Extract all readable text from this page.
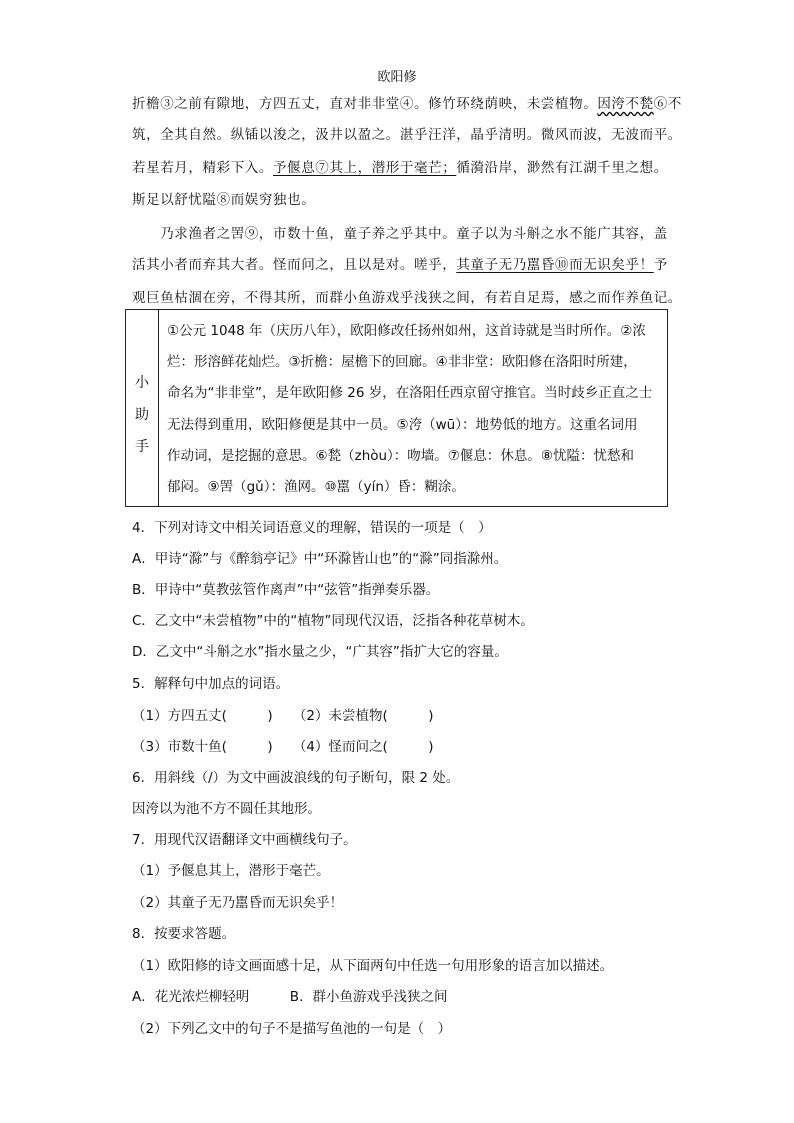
欧阳修
折檐③之前有隙地，方四五丈，直对非非堂④。修竹环绕荫映，未尝植物。因洿不甃⑥不
筑，全其自然。纵锸以浚之，汲井以盈之。湛乎汪洋，晶乎清明。微风而波，无波而平。
若星若月，精彩下入。予偃息⑦其上，潜形于毫芒；循漪沿岸，渺然有江湖千里之想。
斯足以舒忧隘⑧而娱穷独也。
　　乃求渔者之罟⑨，市数十鱼，童子养之乎其中。童子以为斗斛之水不能广其容，盖
活其小者而弃其大者。怪而问之，且以是对。嗟乎，其童子无乃嚚昏⑩而无识矣乎！予
观巨鱼枯涸在旁，不得其所，而群小鱼游戏乎浅狭之间，有若自足焉，感之而作养鱼记。
小
助
手
①公元 1048 年（庆历八年），欧阳修改任扬州如州，这首诗就是当时所作。②浓
烂：形溶鲜花灿烂。③折檐：屋檐下的回廊。④非非堂：欧阳修在洛阳时所建，
命名为“非非堂”，是年欧阳修 26 岁，在洛阳任西京留守推官。当时歧乡正直之士
无法得到重用，欧阳修便是其中一员。⑤洿（wū）：地势低的地方。这重名词用
作动词，是挖掘的意思。⑥甃（zhòu）：吻墙。⑦偃息：休息。⑧忧隘：忧愁和
郁闷。⑨罟（gǔ）：渔网。⑩嚚（yín）昏：糊涂。
4．下列对诗文中相关词语意义的理解，错误的一项是（　）
A．甲诗“滁”与《醉翁亭记》中“环滁皆山也”的“滁”同指滁州。
B．甲诗中“莫教弦管作离声”中“弦管”指弹奏乐器。
C．乙文中“未尝植物”中的“植物”同现代汉语，泛指各种花草树木。
D．乙文中“斗斛之水”指水量之少，“广其容”指扩大它的容量。
5．解释句中加点的词语。
（1）方四五丈(　　　)　　（2）未尝植物(　　　)
（3）市数十鱼(　　　)　　（4）怪而问之(　　　)
6．用斜线（/）为文中画波浪线的句子断句，限 2 处。
因洿以为池不方不圆任其地形。
7．用现代汉语翻译文中画横线句子。
（1）予偃息其上，潜形于毫芒。
（2）其童子无乃嚚昏而无识矣乎！
8．按要求答题。
（1）欧阳修的诗文画面感十足，从下面两句中任选一句用形象的语言加以描述。
A．花光浓烂柳轻明　　　B．群小鱼游戏乎浅狭之间
（2）下列乙文中的句子不是描写鱼池的一句是（　）
